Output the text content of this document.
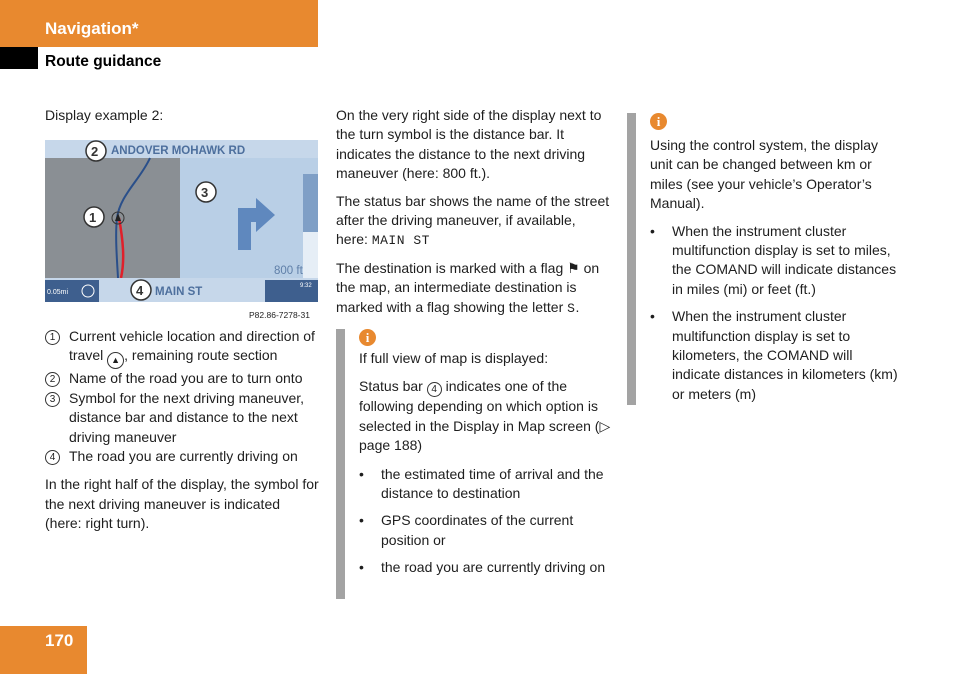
Navigation*
Route guidance

Display example 2:

ANDOVER MOHAWK RD
800 ft
0.05mi
9:32
MAIN ST
2
1
3
4
P82.86-7278-31
1 Current vehicle location and direction of travel ▲ , remaining route section
2 Name of the road you are to turn onto
3 Symbol for the next driving maneuver, distance bar and distance to the next driving maneuver
4 The road you are currently driving on

In the right half of the display, the symbol for the next driving maneuver is indicated (here: right turn).

On the very right side of the display next to the turn symbol is the distance bar. It indicates the distance to the next driving maneuver (here: 800 ft.).

The status bar shows the name of the street after the driving maneuver, if available, here: MAIN ST

The destination is marked with a flag ⚑ on the map, an intermediate destination is marked with a flag showing the letter S.

i

If full view of map is displayed:

Status bar 4 indicates one of the following depending on which option is selected in the Display in Map screen (▷ page 188)

•	the estimated time of arrival and the distance to destination
•	GPS coordinates of the current position or
•	the road you are currently driving on
i

Using the control system, the display unit can be changed between km or miles (see your vehicle’s Operator’s Manual).

•	When the instrument cluster multifunction display is set to miles, the COMAND will indicate distances in miles (mi) or feet (ft.)
•	When the instrument cluster multifunction display is set to kilometers, the COMAND will indicate distances in kilometers (km) or meters (m)
170
